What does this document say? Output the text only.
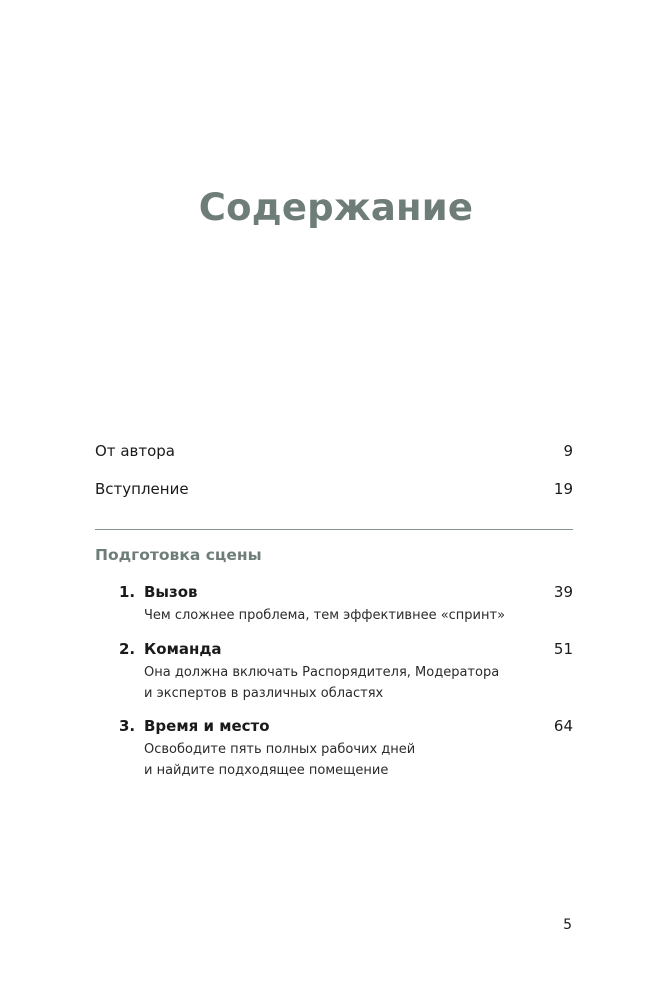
Содержание
От автора	9
Вступление	19
Подготовка сцены
1. Вызов	39
Чем сложнее проблема, тем эффективнее «спринт»
2. Команда	51
Она должна включать Распорядителя, Модератора
и экспертов в различных областях
3. Время и место	64
Освободите пять полных рабочих дней
и найдите подходящее помещение
5
